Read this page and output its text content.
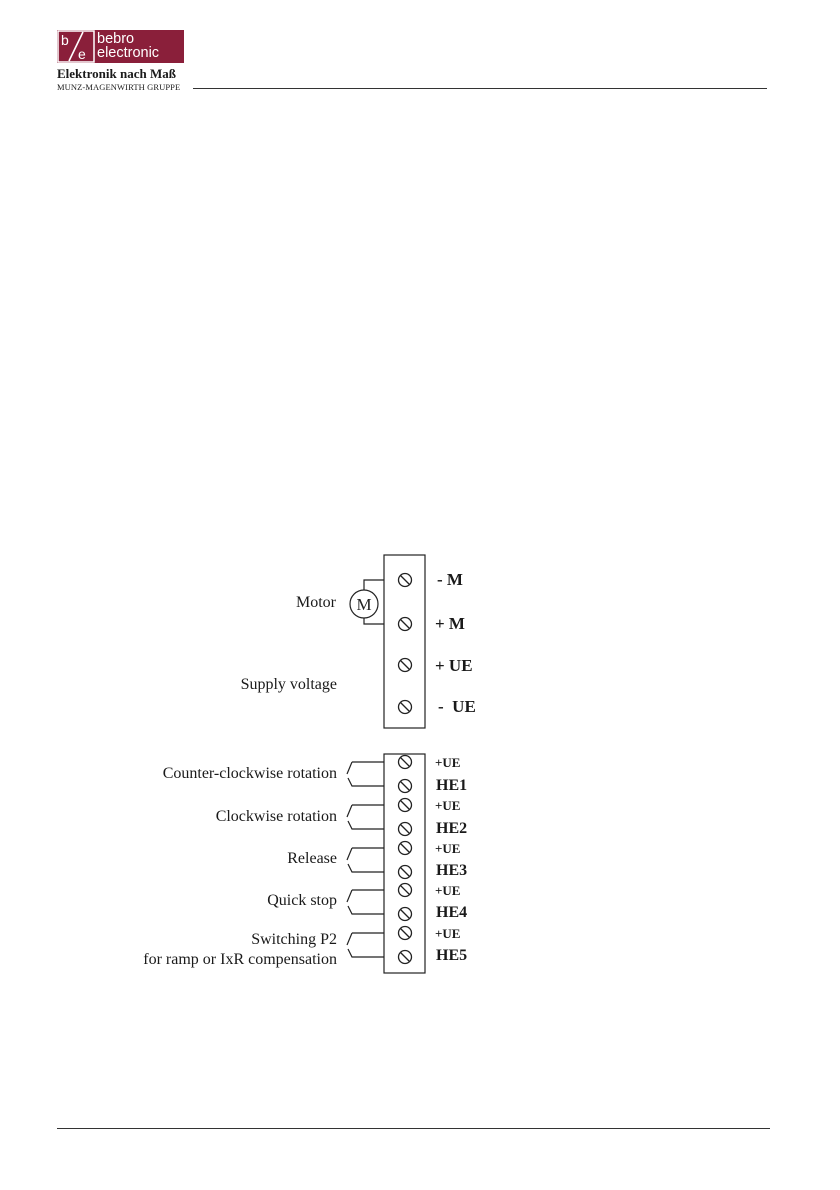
b
e
bebro
electronic
Elektronik nach Maß
MUNZ-MAGENWIRTH GRUPPE
M
Motor
Supply voltage
- M
+ M
+ UE
-  UE
Counter-clockwise rotation
Clockwise rotation
Release
Quick stop
Switching P2
for ramp or IxR compensation
+UE
HE1
+UE
HE2
+UE
HE3
+UE
HE4
+UE
HE5
